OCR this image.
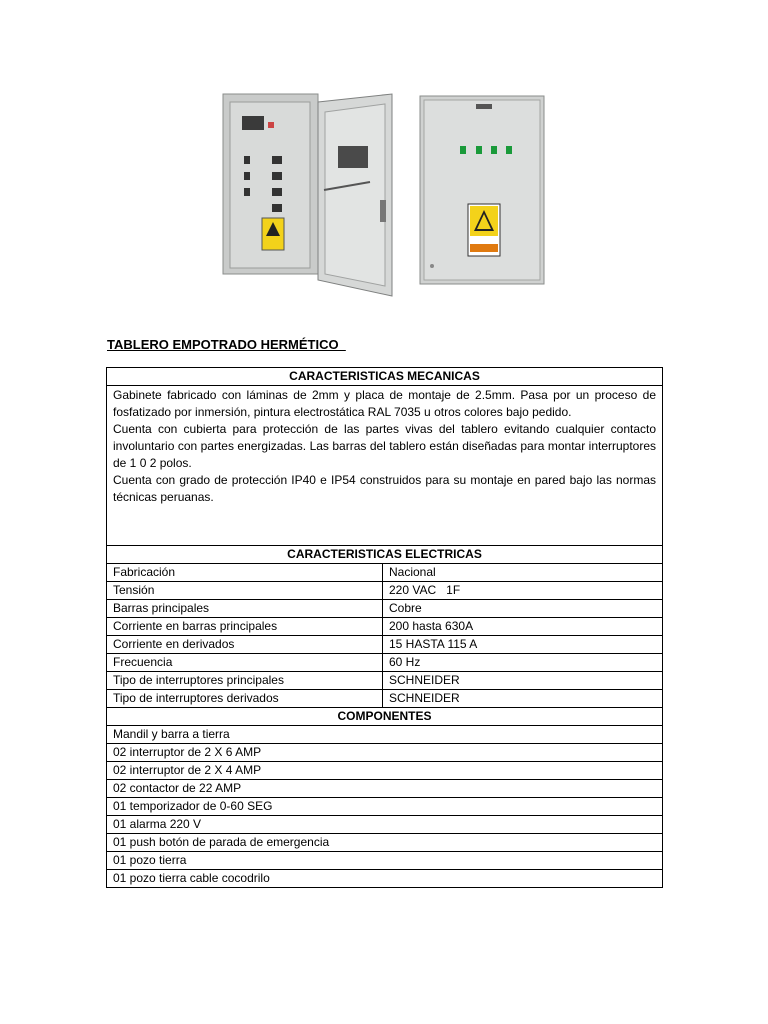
TABLERO EMPOTRADO HERMÉTICO
CARACTERISTICAS MECANICAS	

Gabinete fabricado con láminas de 2mm y placa de montaje de 2.5mm. Pasa por un proceso de fosfatizado por inmersión, pintura electrostática RAL 7035 u otros colores bajo pedido.

Cuenta con cubierta para protección de las partes vivas del tablero evitando cualquier contacto involuntario con partes energizadas. Las barras del tablero están diseñadas para montar interruptores de 1 0 2 polos.

Cuenta con grado de protección IP40 e IP54 construidos para su montaje en pared bajo las normas técnicas peruanas.	

CARACTERISTICAS ELECTRICAS	
Fabricación	Nacional
Tensión	220 VAC   1F
Barras principales	Cobre
Corriente en barras principales	200 hasta 630A
Corriente en derivados	15 HASTA 115 A
Frecuencia	60 Hz
Tipo de interruptores principales	SCHNEIDER
Tipo de interruptores derivados	SCHNEIDER
COMPONENTES	
Mandil y barra a tierra	
02 interruptor de 2 X 6 AMP	
02 interruptor de 2 X 4 AMP	
02 contactor de 22 AMP	
01 temporizador de 0-60 SEG	
01 alarma 220 V	
01 push botón de parada de emergencia	
01 pozo tierra	
01 pozo tierra cable cocodrilo	
